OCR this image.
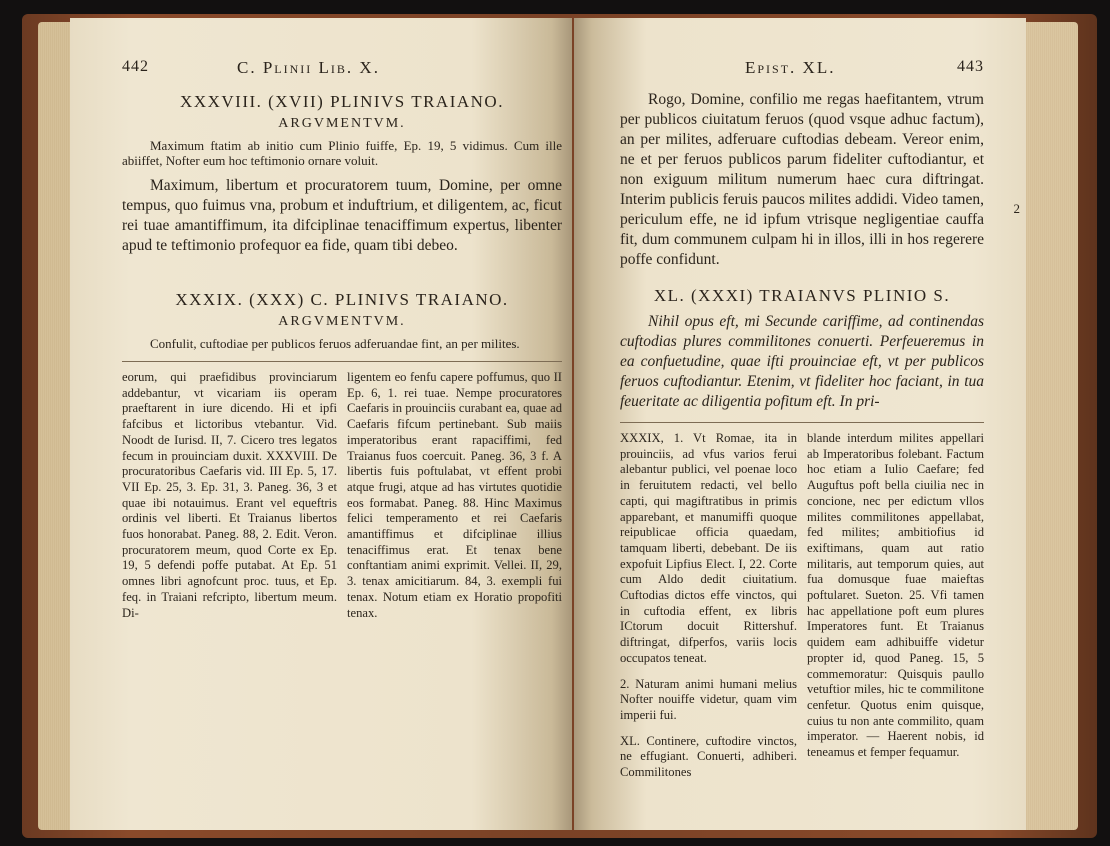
442	C. Plinii Lib. X.
XXXVIII. (XVII) PLINIVS TRAIANO.
ARGVMENTVM.

Maximum ftatim ab initio cum Plinio fuiffe, Ep. 19, 5 vidimus. Cum ille abiiffet, Nofter eum hoc teftimonio ornare voluit.

Maximum, libertum et procuratorem tuum, Domine, per omne tempus, quo fuimus vna, probum et induftrium, et diligentem, ac, ficut rei tuae amantiffimum, ita difciplinae tenaciffimum expertus, libenter apud te teftimonio profequor ea fide, quam tibi debeo.

XXXIX. (XXX) C. PLINIVS TRAIANO.
ARGVMENTVM.

Confulit, cuftodiae per publicos feruos adferuandae fint, an per milites.

eorum, qui praefidibus provinciarum addebantur, vt vicariam iis operam praeftarent in iure dicendo. Hi et ipfi fafcibus et lictoribus vtebantur. Vid. Noodt de Iurisd. II, 7. Cicero tres legatos fecum in prouinciam duxit. XXXVIII. De procuratoribus Caefaris vid. III Ep. 5, 17. VII Ep. 25, 3. Ep. 31, 3. Paneg. 36, 3 et quae ibi notauimus. Erant vel equeftris ordinis vel liberti. Et Traianus libertos fuos honorabat. Paneg. 88, 2. Edit. Veron. procuratorem meum, quod Corte ex Ep. 19, 5 defendi poffe putabat. At Ep. 51 omnes libri agnofcunt proc. tuus, et Ep. feq. in Traiani refcripto, libertum meum. Di-

ligentem eo fenfu capere poffumus, quo II Ep. 6, 1. rei tuae. Nempe procuratores Caefaris in prouinciis curabant ea, quae ad Caefaris fifcum pertinebant. Sub maiis imperatoribus erant rapaciffimi, fed Traianus fuos coercuit. Paneg. 36, 3 f. A libertis fuis poftulabat, vt effent probi atque frugi, atque ad has virtutes quotidie eos formabat. Paneg. 88. Hinc Maximus felici temperamento et rei Caefaris amantiffimus et difciplinae illius tenaciffimus erat. Et tenax bene conftantiam animi exprimit. Vellei. II, 29, 3. tenax amicitiarum. 84, 3. exempli fui tenax. Notum etiam ex Horatio propofiti tenax.

Epist. XL.	443

Rogo, Domine, confilio me regas haefitantem, vtrum per publicos ciuitatum feruos (quod vsque adhuc factum), an per milites, adferuare cuftodias debeam. Vereor enim, ne et per feruos publicos parum fideliter cuftodiantur, et non exiguum militum numerum haec cura diftringat. Interim publicis feruis paucos milites addidi. Video tamen, periculum effe, ne id ipfum vtrisque negligentiae cauffa fit, dum communem culpam hi in illos, illi in hos regerere poffe confidunt.

2
XL. (XXXI) TRAIANVS PLINIO S.

Nihil opus eft, mi Secunde cariffime, ad continendas cuftodias plures commilitones conuerti. Perfeueremus in ea confuetudine, quae ifti prouinciae eft, vt per publicos feruos cuftodiantur. Etenim, vt fideliter hoc faciant, in tua feueritate ac diligentia pofitum eft. In pri-

XXXIX, 1. Vt Romae, ita in prouinciis, ad vfus varios ferui alebantur publici, vel poenae loco in feruitutem redacti, vel bello capti, qui magiftratibus in primis apparebant, et manumiffi quoque reipublicae officia quaedam, tamquam liberti, debebant. De iis expofuit Lipfius Elect. I, 22. Corte cum Aldo dedit ciuitatium. Cuftodias dictos effe vinctos, qui in cuftodia effent, ex libris ICtorum docuit Rittershuf. diftringat, difperfos, variis locis occupatos teneat.

2. Naturam animi humani melius Nofter nouiffe videtur, quam vim imperii fui.

XL. Continere, cuftodire vinctos, ne effugiant. Conuerti, adhiberi. Commilitones

blande interdum milites appellari ab Imperatoribus folebant. Factum hoc etiam a Iulio Caefare; fed Auguftus poft bella ciuilia nec in concione, nec per edictum vllos milites commilitones appellabat, fed milites; ambitiofius id exiftimans, quam aut ratio militaris, aut temporum quies, aut fua domusque fuae maieftas poftularet. Sueton. 25. Vfi tamen hac appellatione poft eum plures Imperatores funt. Et Traianus quidem eam adhibuiffe videtur propter id, quod Paneg. 15, 5 commemoratur: Quisquis paullo vetuftior miles, hic te commilitone cenfetur. Quotus enim quisque, cuius tu non ante commilito, quam imperator. — Haerent nobis, id teneamus et femper fequamur.
